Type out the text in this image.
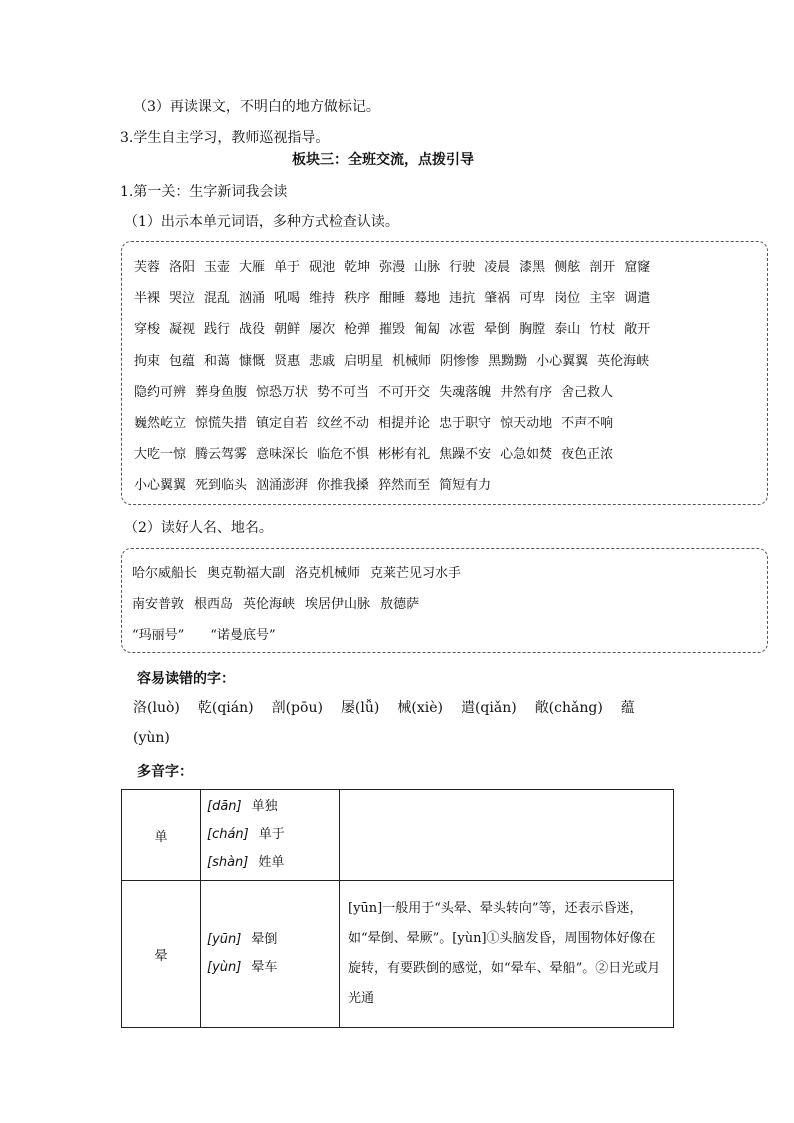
（3）再读课文，不明白的地方做标记。
3.学生自主学习，教师巡视指导。
板块三：全班交流，点拨引导
1.第一关：生字新词我会读
（1）出示本单元词语，多种方式检查认读。
芙蓉 洛阳 玉壶 大雁 单于 砚池 乾坤 弥漫 山脉 行驶 凌晨 漆黑 侧舷 剖开 窟窿
半裸 哭泣 混乱 汹涌 吼喝 维持 秩序 酣睡 蓦地 违抗 肇祸 可卑 岗位 主宰 调遣
穿梭 凝视 践行 战役 朝鲜 屡次 枪弹 摧毁 匍匐 冰雹 晕倒 胸膛 泰山 竹杖 敞开
拘束 包蕴 和蔼 慷慨 贤惠 悲戚 启明星 机械师 阴惨惨 黑黝黝 小心翼翼 英伦海峡
隐约可辨 葬身鱼腹 惊恐万状 势不可当 不可开交 失魂落魄 井然有序 舍己救人
巍然屹立 惊慌失措 镇定自若 纹丝不动 相提并论 忠于职守 惊天动地 不声不响
大吃一惊 腾云驾雾 意味深长 临危不惧 彬彬有礼 焦躁不安 心急如焚 夜色正浓
小心翼翼 死到临头 汹涌澎湃 你推我搡 猝然而至 简短有力
（2）读好人名、地名。
哈尔威船长 奥克勒福大副 洛克机械师 克莱芒见习水手
南安普敦 根西岛 英伦海峡 埃居伊山脉 敖德萨
“玛丽号” “诺曼底号”
容易读错的字：
洛(luò) 乾(qián) 剖(pōu) 屡(lǚ) 械(xiè) 遣(qiǎn) 敞(chǎng) 蕴
(yùn)
多音字：
单	[dān] 单独
[chán] 单于
[shàn] 姓单	

晕	[yūn] 晕倒
[yùn] 晕车	[yūn]一般用于“头晕、晕头转向”等，还表示昏迷，如“晕倒、晕厥”。[yùn]①头脑发昏，周围物体好像在旋转，有要跌倒的感觉，如“晕车、晕船”。②日光或月光通
